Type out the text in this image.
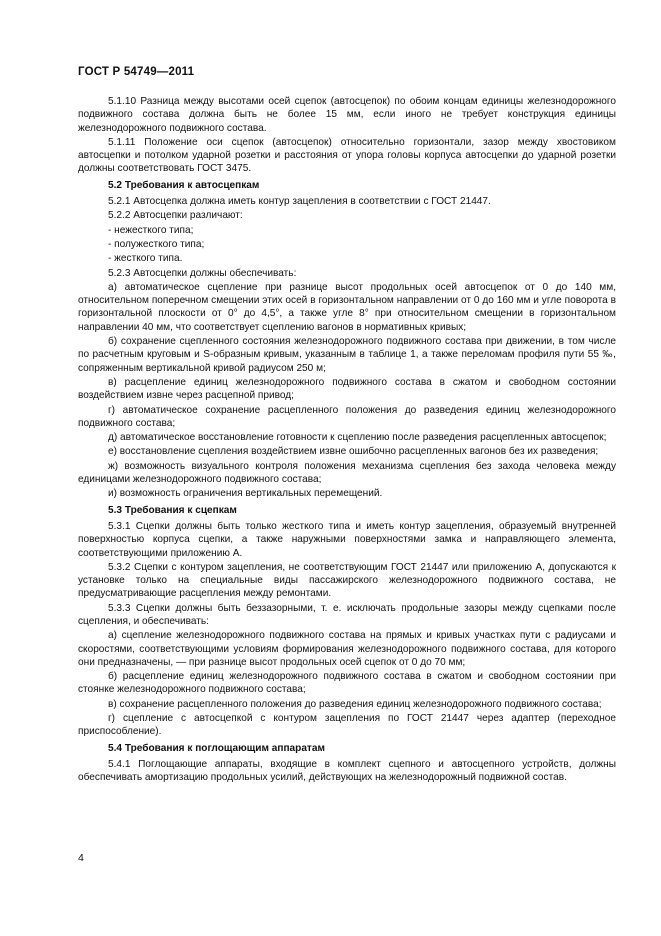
ГОСТ Р 54749—2011
5.1.10 Разница между высотами осей сцепок (автосцепок) по обоим концам единицы железнодорожного подвижного состава должна быть не более 15 мм, если иного не требует конструкция единицы железнодорожного подвижного состава.
5.1.11 Положение оси сцепок (автосцепок) относительно горизонтали, зазор между хвостовиком автосцепки и потолком ударной розетки и расстояния от упора головы корпуса автосцепки до ударной розетки должны соответствовать ГОСТ 3475.
5.2 Требования к автосцепкам
5.2.1 Автосцепка должна иметь контур зацепления в соответствии с ГОСТ 21447.
5.2.2 Автосцепки различают:
- нежесткого типа;
- полужесткого типа;
- жесткого типа.
5.2.3 Автосцепки должны обеспечивать:
а) автоматическое сцепление при разнице высот продольных осей автосцепок от 0 до 140 мм, относительном поперечном смещении этих осей в горизонтальном направлении от 0 до 160 мм и угле поворота в горизонтальной плоскости от 0° до 4,5°, а также угле 8° при относительном смещении в горизонтальном направлении 40 мм, что соответствует сцеплению вагонов в нормативных кривых;
б) сохранение сцепленного состояния железнодорожного подвижного состава при движении, в том числе по расчетным круговым и S-образным кривым, указанным в таблице 1, а также переломам профиля пути 55 ‰, сопряженным вертикальной кривой радиусом 250 м;
в) расцепление единиц железнодорожного подвижного состава в сжатом и свободном состоянии воздействием извне через расцепной привод;
г) автоматическое сохранение расцепленного положения до разведения единиц железнодорожного подвижного состава;
д) автоматическое восстановление готовности к сцеплению после разведения расцепленных автосцепок;
е) восстановление сцепления воздействием извне ошибочно расцепленных вагонов без их разведения;
ж) возможность визуального контроля положения механизма сцепления без захода человека между единицами железнодорожного подвижного состава;
и) возможность ограничения вертикальных перемещений.
5.3 Требования к сцепкам
5.3.1 Сцепки должны быть только жесткого типа и иметь контур зацепления, образуемый внутренней поверхностью корпуса сцепки, а также наружными поверхностями замка и направляющего элемента, соответствующими приложению А.
5.3.2 Сцепки с контуром зацепления, не соответствующим ГОСТ 21447 или приложению А, допускаются к установке только на специальные виды пассажирского железнодорожного подвижного состава, не предусматривающие расцепления между ремонтами.
5.3.3 Сцепки должны быть беззазорными, т. е. исключать продольные зазоры между сцепками после сцепления, и обеспечивать:
а) сцепление железнодорожного подвижного состава на прямых и кривых участках пути с радиусами и скоростями, соответствующими условиям формирования железнодорожного подвижного состава, для которого они предназначены, — при разнице высот продольных осей сцепок от 0 до 70 мм;
б) расцепление единиц железнодорожного подвижного состава в сжатом и свободном состоянии при стоянке железнодорожного подвижного состава;
в) сохранение расцепленного положения до разведения единиц железнодорожного подвижного состава;
г) сцепление с автосцепкой с контуром зацепления по ГОСТ 21447 через адаптер (переходное приспособление).
5.4 Требования к поглощающим аппаратам
5.4.1 Поглощающие аппараты, входящие в комплект сцепного и автосцепного устройств, должны обеспечивать амортизацию продольных усилий, действующих на железнодорожный подвижной состав.
4
